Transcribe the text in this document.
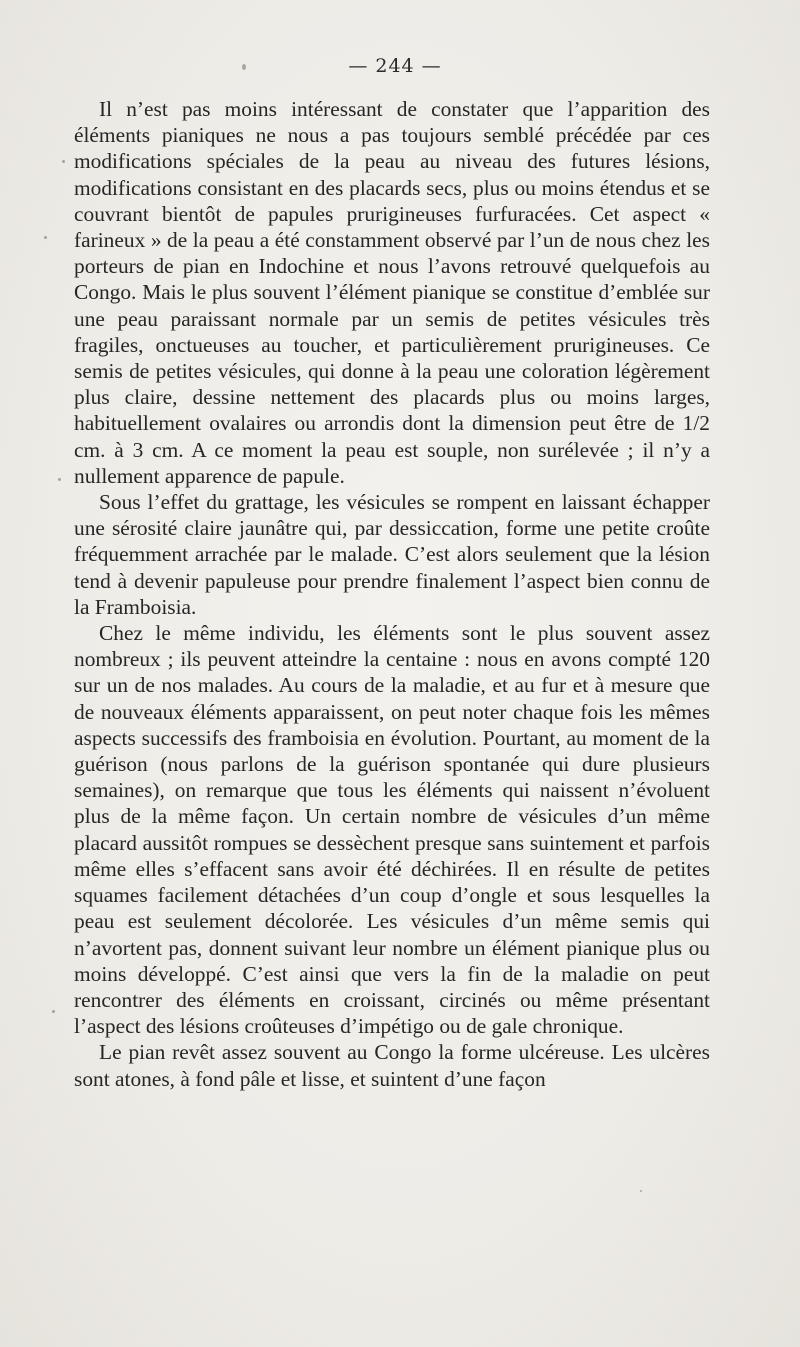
— 244 —

Il n’est pas moins intéressant de constater que l’apparition des éléments pianiques ne nous a pas toujours semblé précédée par ces modifications spéciales de la peau au niveau des futures lésions, modifications consistant en des placards secs, plus ou moins étendus et se couvrant bientôt de papules prurigineuses furfuracées. Cet aspect « farineux » de la peau a été constamment observé par l’un de nous chez les porteurs de pian en Indochine et nous l’avons retrouvé quelquefois au Congo. Mais le plus souvent l’élément pianique se constitue d’emblée sur une peau paraissant normale par un semis de petites vésicules très fragiles, onctueuses au toucher, et particulièrement prurigineuses. Ce semis de petites vésicules, qui donne à la peau une coloration légèrement plus claire, dessine nettement des placards plus ou moins larges, habituellement ovalaires ou arrondis dont la dimension peut être de 1/2 cm. à 3 cm. A ce moment la peau est souple, non surélevée ; il n’y a nullement apparence de papule.

Sous l’effet du grattage, les vésicules se rompent en laissant échapper une sérosité claire jaunâtre qui, par dessiccation, forme une petite croûte fréquemment arrachée par le malade. C’est alors seulement que la lésion tend à devenir papuleuse pour prendre finalement l’aspect bien connu de la Framboisia.

Chez le même individu, les éléments sont le plus souvent assez nombreux ; ils peuvent atteindre la centaine : nous en avons compté 120 sur un de nos malades. Au cours de la maladie, et au fur et à mesure que de nouveaux éléments apparaissent, on peut noter chaque fois les mêmes aspects successifs des framboisia en évolution. Pourtant, au moment de la guérison (nous parlons de la guérison spontanée qui dure plusieurs semaines), on remarque que tous les éléments qui naissent n’évoluent plus de la même façon. Un certain nombre de vésicules d’un même placard aussitôt rompues se dessèchent presque sans suintement et parfois même elles s’effacent sans avoir été déchirées. Il en résulte de petites squames facilement détachées d’un coup d’ongle et sous lesquelles la peau est seulement décolorée. Les vésicules d’un même semis qui n’avortent pas, donnent suivant leur nombre un élément pianique plus ou moins développé. C’est ainsi que vers la fin de la maladie on peut rencontrer des éléments en croissant, circinés ou même présentant l’aspect des lésions croûteuses d’impétigo ou de gale chronique.

Le pian revêt assez souvent au Congo la forme ulcéreuse. Les ulcères sont atones, à fond pâle et lisse, et suintent d’une façon
